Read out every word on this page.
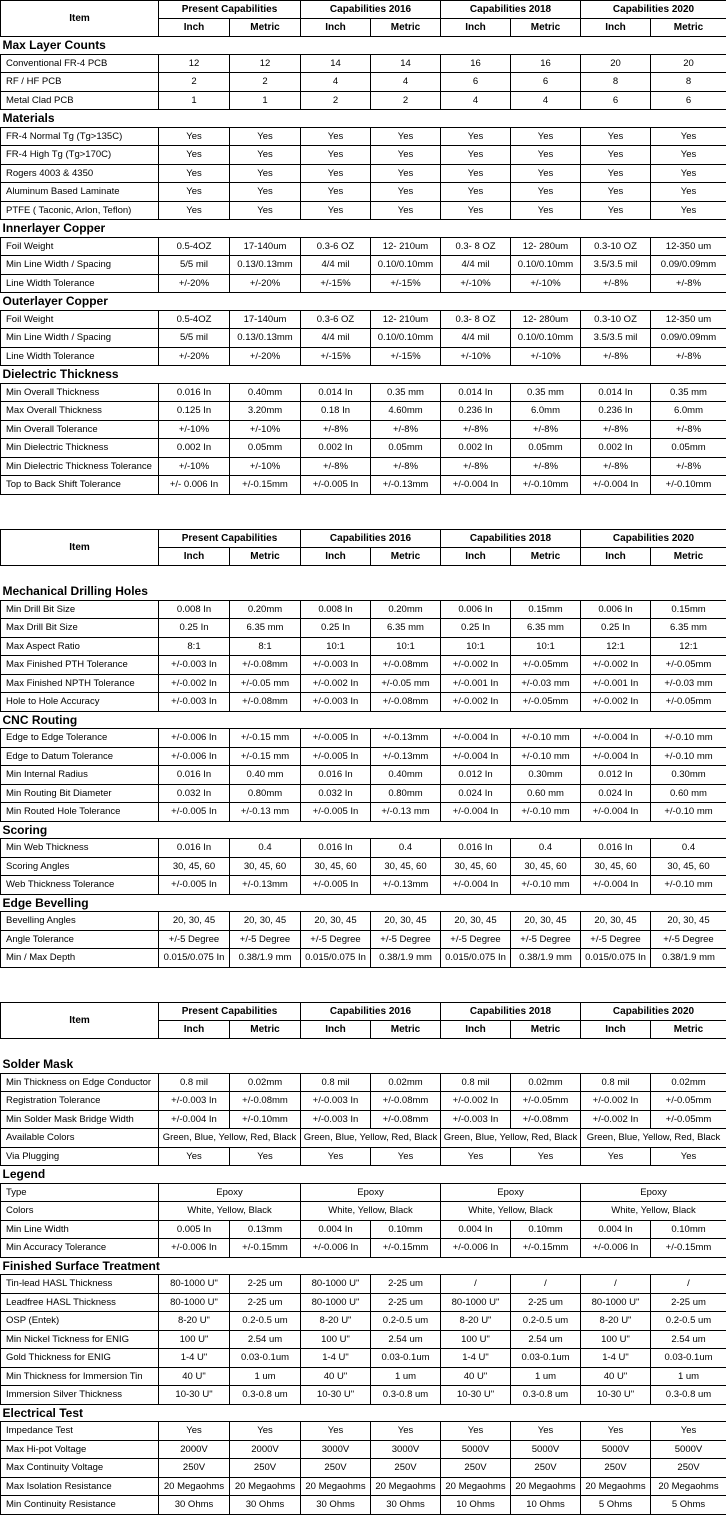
Item	Present Capabilities		Capabilities 2016		Capabilities 2018		Capabilities 2020	
	Inch	Metric	Inch	Metric	Inch	Metric	Inch	Metric
Max Layer Counts								
Conventional FR-4 PCB	12	12	14	14	16	16	20	20
RF / HF PCB	2	2	4	4	6	6	8	8
Metal Clad PCB	1	1	2	2	4	4	6	6
Materials								
FR-4 Normal Tg (Tg>135C)	Yes	Yes	Yes	Yes	Yes	Yes	Yes	Yes
FR-4 High Tg (Tg>170C)	Yes	Yes	Yes	Yes	Yes	Yes	Yes	Yes
Rogers 4003 & 4350	Yes	Yes	Yes	Yes	Yes	Yes	Yes	Yes
Aluminum Based Laminate	Yes	Yes	Yes	Yes	Yes	Yes	Yes	Yes
PTFE ( Taconic, Arlon, Teflon)	Yes	Yes	Yes	Yes	Yes	Yes	Yes	Yes
Innerlayer Copper								
Foil Weight	0.5-4OZ	17-140um	0.3-6 OZ	12- 210um	0.3- 8 OZ	12- 280um	0.3-10 OZ	12-350 um
Min Line Width / Spacing	5/5 mil	0.13/0.13mm	4/4 mil	0.10/0.10mm	4/4 mil	0.10/0.10mm	3.5/3.5 mil	0.09/0.09mm
Line Width Tolerance	+/-20%	+/-20%	+/-15%	+/-15%	+/-10%	+/-10%	+/-8%	+/-8%
Outerlayer Copper								
Foil Weight	0.5-4OZ	17-140um	0.3-6 OZ	12- 210um	0.3- 8 OZ	12- 280um	0.3-10 OZ	12-350 um
Min Line Width / Spacing	5/5 mil	0.13/0.13mm	4/4 mil	0.10/0.10mm	4/4 mil	0.10/0.10mm	3.5/3.5 mil	0.09/0.09mm
Line Width Tolerance	+/-20%	+/-20%	+/-15%	+/-15%	+/-10%	+/-10%	+/-8%	+/-8%
Dielectric Thickness								
Min Overall Thickness	0.016 In	0.40mm	0.014 In	0.35 mm	0.014 In	0.35 mm	0.014 In	0.35 mm
Max Overall Thickness	0.125 In	3.20mm	0.18 In	4.60mm	0.236 In	6.0mm	0.236 In	6.0mm
Min Overall Tolerance	+/-10%	+/-10%	+/-8%	+/-8%	+/-8%	+/-8%	+/-8%	+/-8%
Min Dielectric Thickness	0.002 In	0.05mm	0.002 In	0.05mm	0.002 In	0.05mm	0.002 In	0.05mm
Min Dielectric Thickness Tolerance	+/-10%	+/-10%	+/-8%	+/-8%	+/-8%	+/-8%	+/-8%	+/-8%
Top to Back Shift Tolerance	+/- 0.006 In	+/-0.15mm	+/-0.005 In	+/-0.13mm	+/-0.004 In	+/-0.10mm	+/-0.004 In	+/-0.10mm
Item	Present Capabilities		Capabilities 2016		Capabilities 2018		Capabilities 2020	
	Inch	Metric	Inch	Metric	Inch	Metric	Inch	Metric

Mechanical Drilling Holes								
Min Drill Bit Size	0.008 In	0.20mm	0.008 In	0.20mm	0.006 In	0.15mm	0.006 In	0.15mm
Max Drill Bit Size	0.25 In	6.35 mm	0.25 In	6.35 mm	0.25 In	6.35 mm	0.25 In	6.35 mm
Max Aspect Ratio	8:1	8:1	10:1	10:1	10:1	10:1	12:1	12:1
Max Finished PTH Tolerance	+/-0.003 In	+/-0.08mm	+/-0.003 In	+/-0.08mm	+/-0.002 In	+/-0.05mm	+/-0.002 In	+/-0.05mm
Max Finished NPTH Tolerance	+/-0.002 In	+/-0.05 mm	+/-0.002 In	+/-0.05 mm	+/-0.001 In	+/-0.03 mm	+/-0.001 In	+/-0.03 mm
Hole to Hole Accuracy	+/-0.003 In	+/-0.08mm	+/-0.003 In	+/-0.08mm	+/-0.002 In	+/-0.05mm	+/-0.002 In	+/-0.05mm
CNC Routing								
Edge to Edge Tolerance	+/-0.006 In	+/-0.15 mm	+/-0.005 In	+/-0.13mm	+/-0.004 In	+/-0.10 mm	+/-0.004 In	+/-0.10 mm
Edge to Datum Tolerance	+/-0.006 In	+/-0.15 mm	+/-0.005 In	+/-0.13mm	+/-0.004 In	+/-0.10 mm	+/-0.004 In	+/-0.10 mm
Min Internal Radius	0.016 In	0.40 mm	0.016 In	0.40mm	0.012 In	0.30mm	0.012 In	0.30mm
Min Routing Bit Diameter	0.032 In	0.80mm	0.032 In	0.80mm	0.024 In	0.60 mm	0.024 In	0.60 mm
Min Routed Hole Tolerance	+/-0.005 In	+/-0.13 mm	+/-0.005 In	+/-0.13 mm	+/-0.004 In	+/-0.10 mm	+/-0.004 In	+/-0.10 mm
Scoring								
Min Web Thickness	0.016 In	0.4	0.016 In	0.4	0.016 In	0.4	0.016 In	0.4
Scoring Angles	30, 45, 60	30, 45, 60	30, 45, 60	30, 45, 60	30, 45, 60	30, 45, 60	30, 45, 60	30, 45, 60
Web Thickness Tolerance	+/-0.005 In	+/-0.13mm	+/-0.005 In	+/-0.13mm	+/-0.004 In	+/-0.10 mm	+/-0.004 In	+/-0.10 mm
Edge Bevelling								
Bevelling Angles	20, 30, 45	20, 30, 45	20, 30, 45	20, 30, 45	20, 30, 45	20, 30, 45	20, 30, 45	20, 30, 45
Angle Tolerance	+/-5 Degree	+/-5 Degree	+/-5 Degree	+/-5 Degree	+/-5 Degree	+/-5 Degree	+/-5 Degree	+/-5 Degree
Min / Max Depth	0.015/0.075 In	0.38/1.9 mm	0.015/0.075 In	0.38/1.9 mm	0.015/0.075 In	0.38/1.9 mm	0.015/0.075 In	0.38/1.9 mm
Item	Present Capabilities		Capabilities 2016		Capabilities 2018		Capabilities 2020	
	Inch	Metric	Inch	Metric	Inch	Metric	Inch	Metric

Solder Mask								
Min Thickness on Edge Conductor	0.8 mil	0.02mm	0.8 mil	0.02mm	0.8 mil	0.02mm	0.8 mil	0.02mm
Registration Tolerance	+/-0.003 In	+/-0.08mm	+/-0.003 In	+/-0.08mm	+/-0.002 In	+/-0.05mm	+/-0.002 In	+/-0.05mm
Min Solder Mask Bridge Width	+/-0.004 In	+/-0.10mm	+/-0.003 In	+/-0.08mm	+/-0.003 In	+/-0.08mm	+/-0.002 In	+/-0.05mm
Available Colors	Green, Blue, Yellow, Red, Black		Green, Blue, Yellow, Red, Black		Green, Blue, Yellow, Red, Black		Green, Blue, Yellow, Red, Black	
Via Plugging	Yes	Yes	Yes	Yes	Yes	Yes	Yes	Yes
Legend								
Type	Epoxy		Epoxy		Epoxy		Epoxy	
Colors	White, Yellow, Black		White, Yellow, Black		White, Yellow, Black		White, Yellow, Black	
Min Line Width	0.005 In	0.13mm	0.004 In	0.10mm	0.004 In	0.10mm	0.004 In	0.10mm
Min Accuracy Tolerance	+/-0.006 In	+/-0.15mm	+/-0.006 In	+/-0.15mm	+/-0.006 In	+/-0.15mm	+/-0.006 In	+/-0.15mm
Finished Surface Treatment								
Tin-lead HASL Thickness	80-1000 U"	2-25 um	80-1000 U"	2-25 um	/	/	/	/
Leadfree HASL Thickness	80-1000 U"	2-25 um	80-1000 U"	2-25 um	80-1000 U"	2-25 um	80-1000 U"	2-25 um
OSP (Entek)	8-20 U"	0.2-0.5 um	8-20 U"	0.2-0.5 um	8-20 U"	0.2-0.5 um	8-20 U"	0.2-0.5 um
Min Nickel Tickness for ENIG	100 U"	2.54 um	100 U"	2.54 um	100 U"	2.54 um	100 U"	2.54 um
Gold Thickness for ENIG	1-4 U"	0.03-0.1um	1-4 U"	0.03-0.1um	1-4 U"	0.03-0.1um	1-4 U"	0.03-0.1um
Min Thickness for Immersion Tin	40 U"	1 um	40 U"	1 um	40 U"	1 um	40 U"	1 um
Immersion Silver Thickness	10-30 U"	0.3-0.8 um	10-30 U"	0.3-0.8 um	10-30 U"	0.3-0.8 um	10-30 U"	0.3-0.8 um
Electrical Test								
Impedance Test	Yes	Yes	Yes	Yes	Yes	Yes	Yes	Yes
Max Hi-pot Voltage	2000V	2000V	3000V	3000V	5000V	5000V	5000V	5000V
Max Continuity Voltage	250V	250V	250V	250V	250V	250V	250V	250V
Max Isolation Resistance	20 Megaohms	20 Megaohms	20 Megaohms	20 Megaohms	20 Megaohms	20 Megaohms	20 Megaohms	20 Megaohms
Min Continuity Resistance	30 Ohms	30 Ohms	30 Ohms	30 Ohms	10 Ohms	10 Ohms	5 Ohms	5 Ohms
